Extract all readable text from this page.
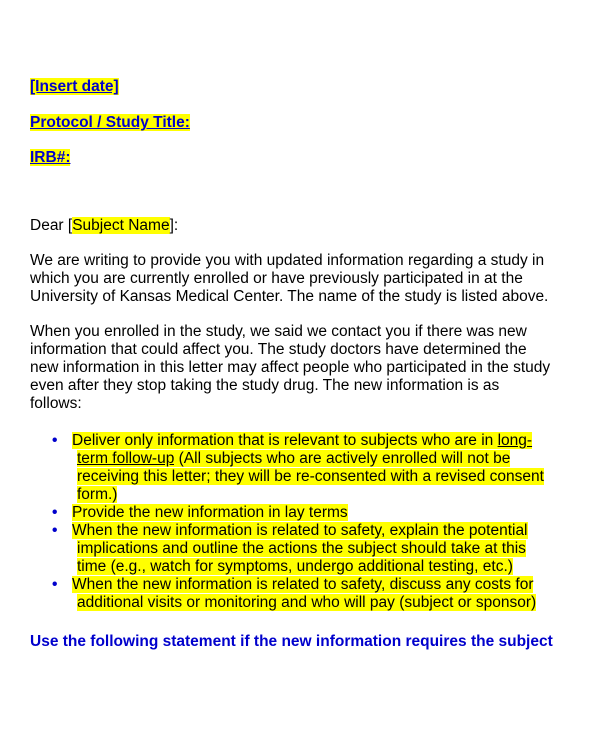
[Insert date]
Protocol / Study Title:
IRB#:
Dear [Subject Name]:
We are writing to provide you with updated information regarding a study in
which you are currently enrolled or have previously participated in at the
University of Kansas Medical Center. The name of the study is listed above.
When you enrolled in the study, we said we contact you if there was new
information that could affect you. The study doctors have determined the
new information in this letter may affect people who participated in the study
even after they stop taking the study drug. The new information is as
follows:
• Deliver only information that is relevant to subjects who are in long-
term follow-up (All subjects who are actively enrolled will not be
receiving this letter; they will be re-consented with a revised consent
form.)
• Provide the new information in lay terms
• When the new information is related to safety, explain the potential
implications and outline the actions the subject should take at this
time (e.g., watch for symptoms, undergo additional testing, etc.)
• When the new information is related to safety, discuss any costs for
additional visits or monitoring and who will pay (subject or sponsor)
Use the following statement if the new information requires the subject
